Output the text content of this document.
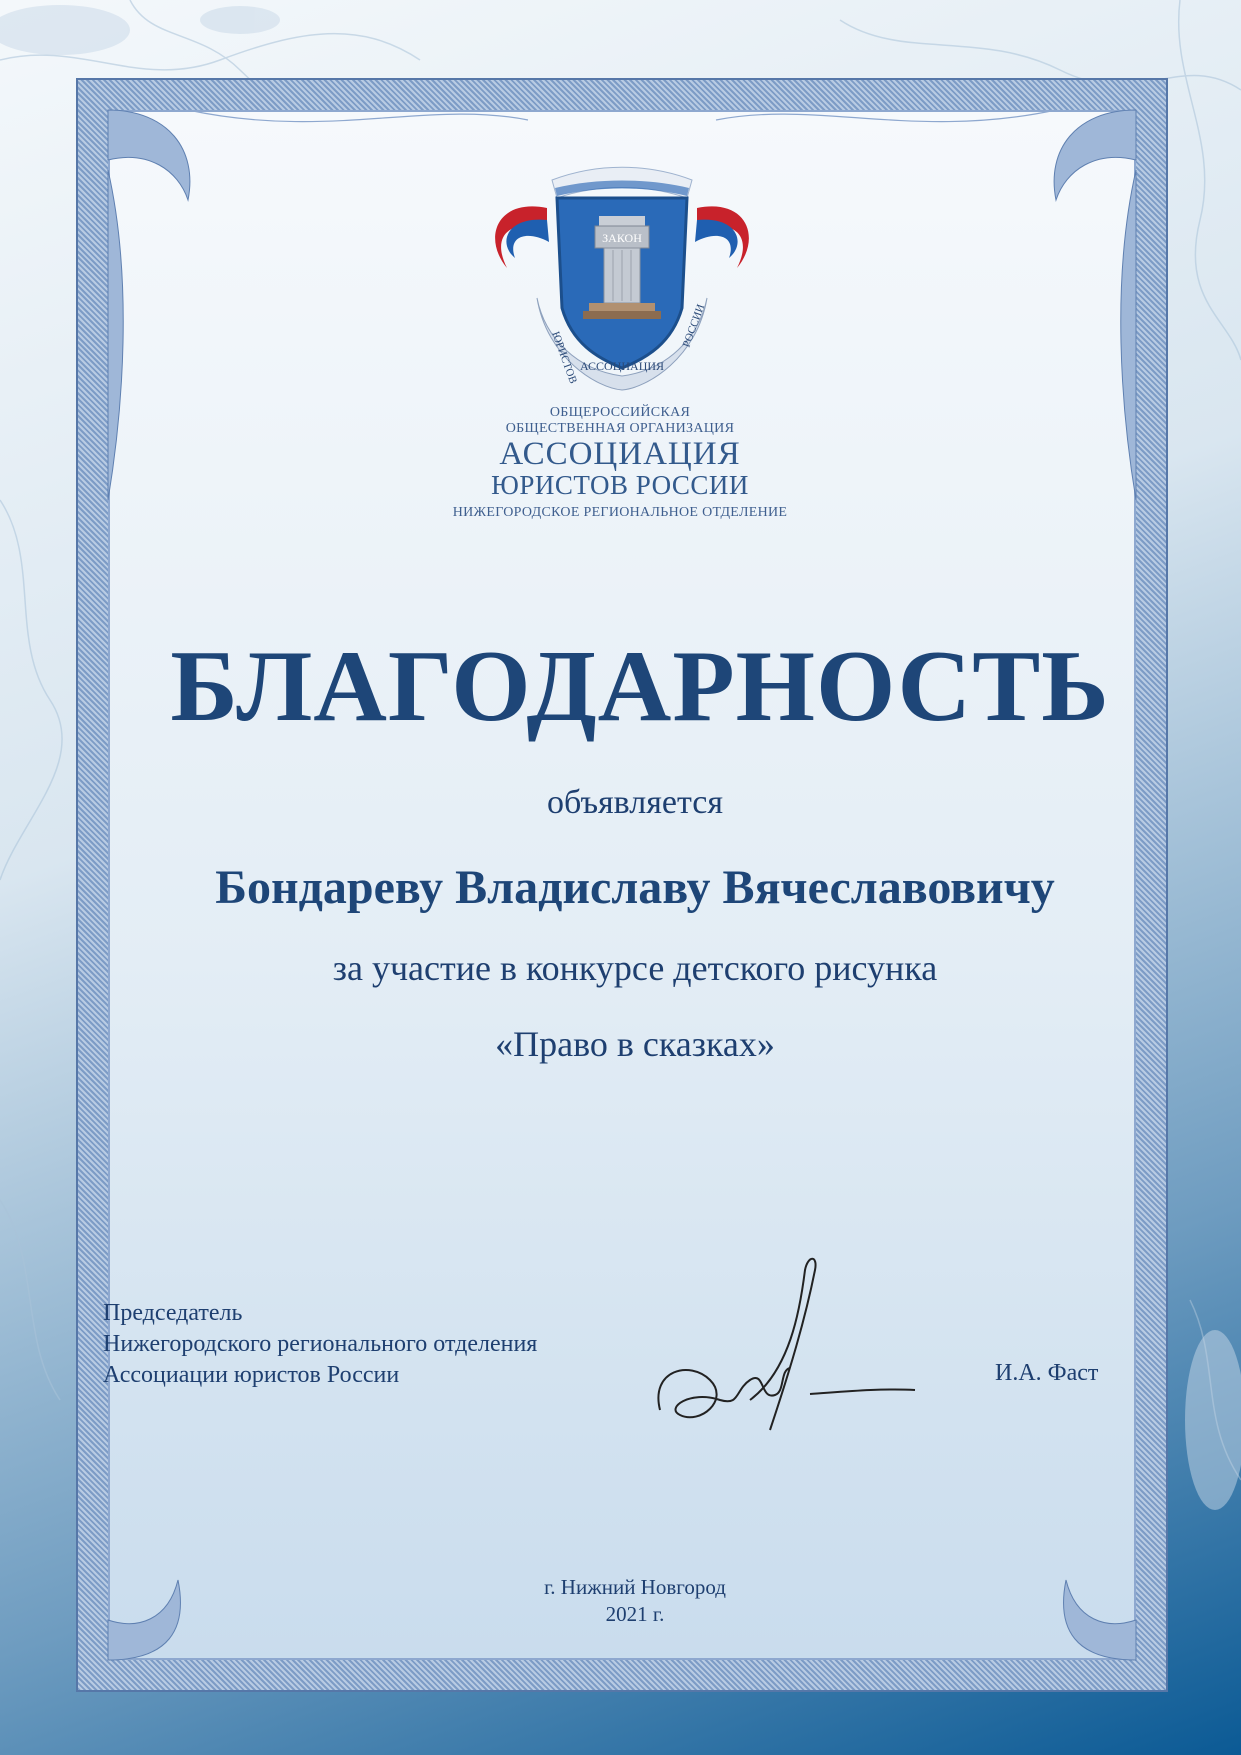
ЗАКОН
ЮРИСТОВ АССОЦИАЦИЯ
РОССИИ
ОБЩЕРОССИЙСКАЯ
ОБЩЕСТВЕННАЯ ОРГАНИЗАЦИЯ
АССОЦИАЦИЯ
ЮРИСТОВ РОССИИ
НИЖЕГОРОДСКОЕ РЕГИОНАЛЬНОЕ ОТДЕЛЕНИЕ
БЛАГОДАРНОСТЬ
объявляется
Бондареву Владиславу Вячеславовичу
за участие в конкурсе детского рисунка
«Право в сказках»
Председатель
Нижегородского регионального отделения
Ассоциации юристов России	И.А. Фаст
г. Нижний Новгород
2021 г.
